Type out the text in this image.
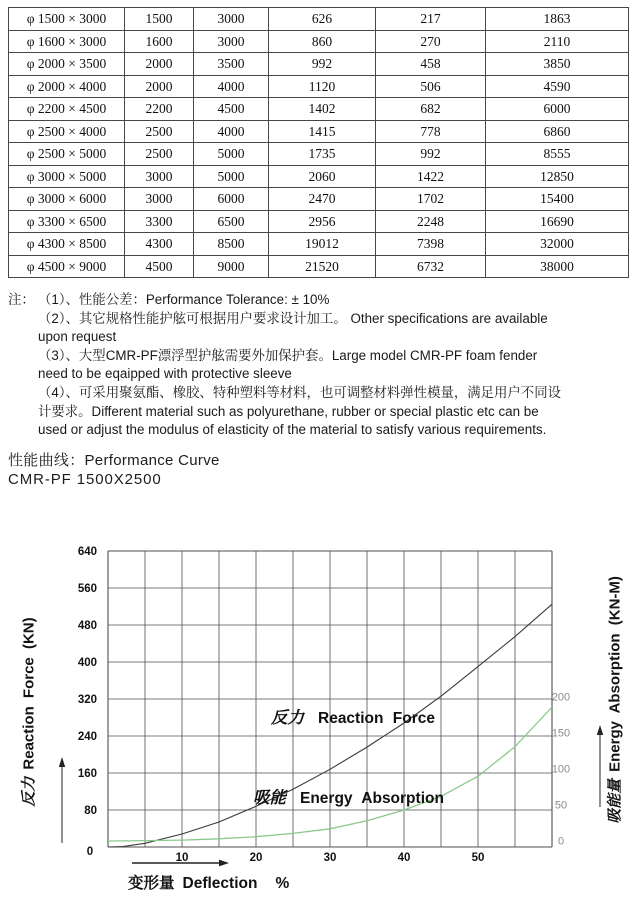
φ 1500 × 3000	1500	3000	626	217	1863
φ 1600 × 3000	1600	3000	860	270	2110
φ 2000 × 3500	2000	3500	992	458	3850
φ 2000 × 4000	2000	4000	1120	506	4590
φ 2200 × 4500	2200	4500	1402	682	6000
φ 2500 × 4000	2500	4000	1415	778	6860
φ 2500 × 5000	2500	5000	1735	992	8555
φ 3000 × 5000	3000	5000	2060	1422	12850
φ 3000 × 6000	3000	6000	2470	1702	15400
φ 3300 × 6500	3300	6500	2956	2248	16690
φ 4300 × 8500	4300	8500	19012	7398	32000
φ 4500 × 9000	4500	9000	21520	6732	38000
注： （1）、性能公差：Performance Tolerance: ± 10%
（2）、其它规格性能护舷可根据用户要求设计加工。 Other specifications are available
upon request
（3）、大型CMR-PF漂浮型护舷需要外加保护套。Large model CMR-PF foam fender
need to be eqaipped with protective sleeve
（4）、可采用聚氨酯、橡胶、特种塑料等材料，也可调整材料弹性模量，满足用户不同设
计要求。Different material such as polyurethane, rubber or special plastic etc can be
used or adjust the modulus of elasticity of the material to satisfy various requirements.
性能曲线：Performance Curve
CMR-PF 1500X2500
640
560
480
400
320
240
160
80
0	10	20	30	40	50
200
150
100
50
0
反力Reaction Force (KN)
吸能量Energy Absorption (KN-M)
反力 Reaction Force
吸能 Energy Absorption
变形量 Deflection %
